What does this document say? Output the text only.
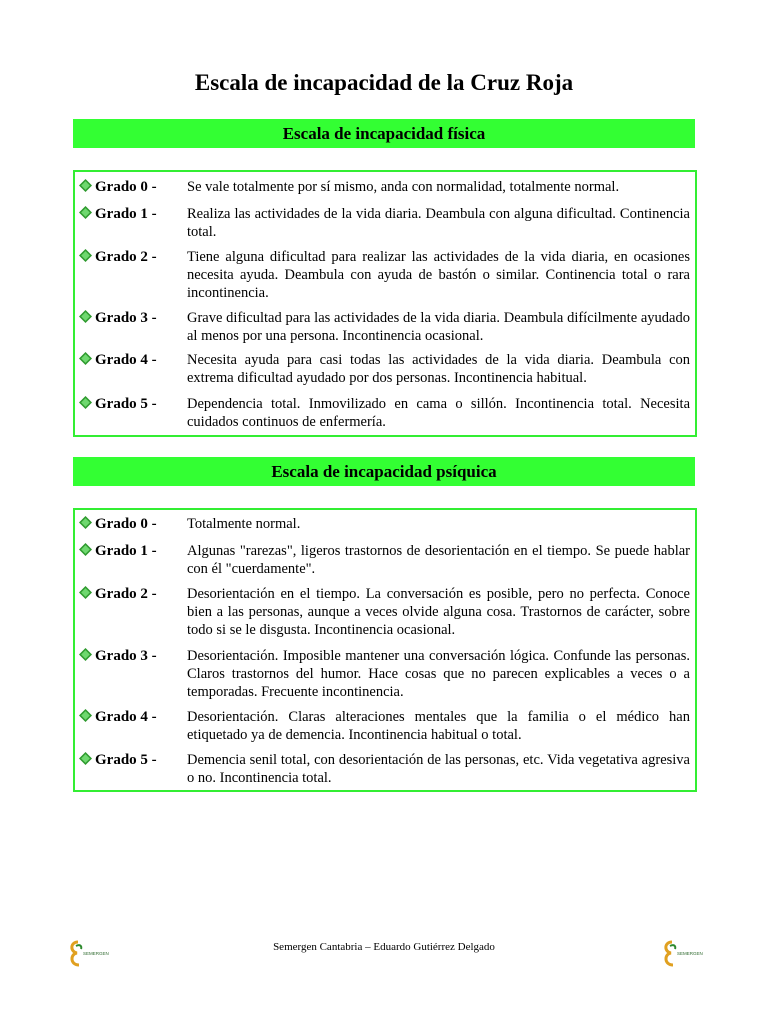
Escala de incapacidad de la Cruz Roja
Escala de incapacidad física
Grado 0 - Se vale totalmente por sí mismo, anda con normalidad, totalmente normal.
Grado 1 - Realiza las actividades de la vida diaria. Deambula con alguna dificultad. Continencia total.
Grado 2 - Tiene alguna dificultad para realizar las actividades de la vida diaria, en ocasiones necesita ayuda. Deambula con ayuda de bastón o similar. Continencia total o rara incontinencia.
Grado 3 - Grave dificultad para las actividades de la vida diaria. Deambula difícilmente ayudado al menos por una persona. Incontinencia ocasional.
Grado 4 - Necesita ayuda para casi todas las actividades de la vida diaria. Deambula con extrema dificultad ayudado por dos personas. Incontinencia habitual.
Grado 5 - Dependencia total. Inmovilizado en cama o sillón. Incontinencia total. Necesita cuidados continuos de enfermería.
Escala de incapacidad psíquica
Grado 0 - Totalmente normal.
Grado 1 - Algunas "rarezas", ligeros trastornos de desorientación en el tiempo. Se puede hablar con él "cuerdamente".
Grado 2 - Desorientación en el tiempo. La conversación es posible, pero no perfecta. Conoce bien a las personas, aunque a veces olvide alguna cosa. Trastornos de carácter, sobre todo si se le disgusta. Incontinencia ocasional.
Grado 3 - Desorientación. Imposible mantener una conversación lógica. Confunde las personas. Claros trastornos del humor. Hace cosas que no parecen explicables a veces o a temporadas. Frecuente incontinencia.
Grado 4 - Desorientación. Claras alteraciones mentales que la familia o el médico han etiquetado ya de demencia. Incontinencia habitual o total.
Grado 5 - Demencia senil total, con desorientación de las personas, etc. Vida vegetativa agresiva o no. Incontinencia total.
SEMERGEN
Semergen Cantabria – Eduardo Gutiérrez Delgado
SEMERGEN
